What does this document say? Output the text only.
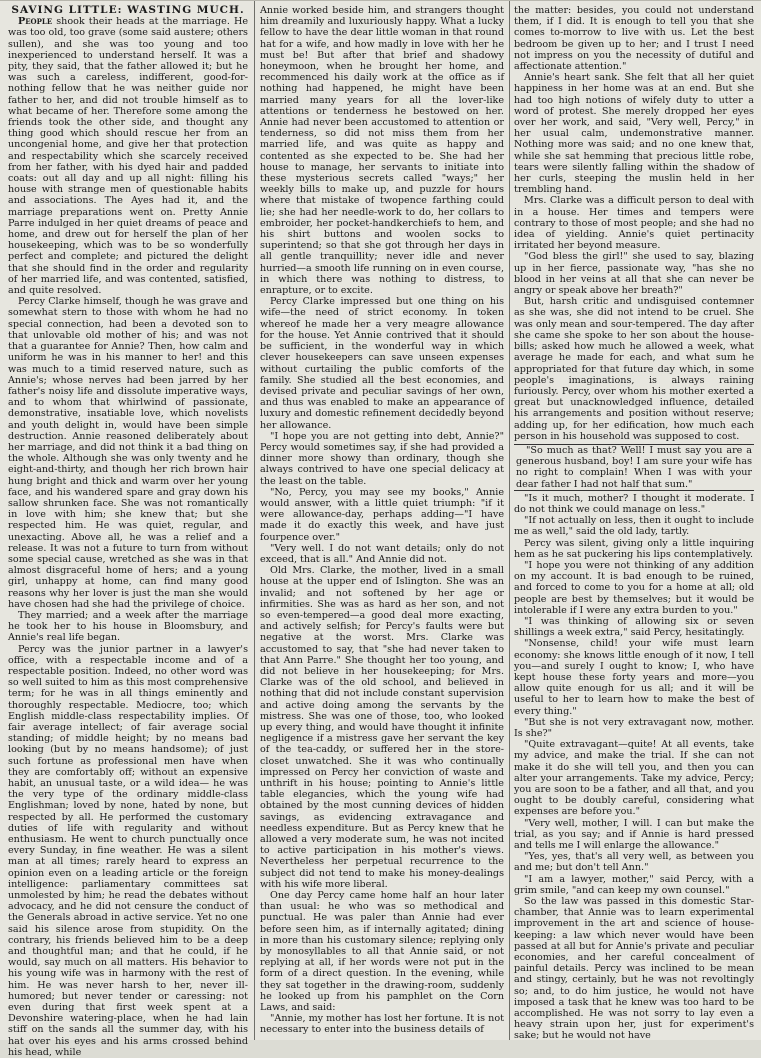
SAVING LITTLE: WASTING MUCH.

People shook their heads at the marriage. He was too old, too grave (some said austere; others sullen), and she was too young and too inexperienced to understand herself. It was a pity, they said, that the father allowed it; but he was such a careless, indifferent, good-for-nothing fellow that he was neither guide nor father to her, and did not trouble himself as to what became of her. Therefore some among the friends took the other side, and thought any thing good which should rescue her from an uncongenial home, and give her that protection and respectability which she scarcely received from her father, with his dyed hair and padded coats: out all day and up all night: filling his house with strange men of questionable habits and associations. The Ayes had it, and the marriage preparations went on. Pretty Annie Parre indulged in her quiet dreams of peace and home, and drew out for herself the plan of her housekeeping, which was to be so wonderfully perfect and complete; and pictured the delight that she should find in the order and regularity of her married life, and was contented, satisfied, and quite resolved.

Percy Clarke himself, though he was grave and somewhat stern to those with whom he had no special connection, had been a devoted son to that unlovable old mother of his; and was not that a guarantee for Annie? Then, how calm and uniform he was in his manner to her! and this was much to a timid reserved nature, such as Annie's; whose nerves had been jarred by her father's noisy life and dissolute imperative ways, and to whom that whirlwind of passionate, demonstrative, insatiable love, which novelists and youth delight in, would have been simple destruction. Annie reasoned deliberately about her marriage, and did not think it a bad thing on the whole. Although she was only twenty and he eight-and-thirty, and though her rich brown hair hung bright and thick and warm over her young face, and his wandered spare and gray down his sallow shrunken face. She was not romantically in love with him; she knew that; but she respected him. He was quiet, regular, and unexacting. Above all, he was a relief and a release. It was not a future to turn from without some special cause, wretched as she was in that almost disgraceful home of hers; and a young girl, unhappy at home, can find many good reasons why her lover is just the man she would have chosen had she had the privilege of choice.

They married; and a week after the marriage he took her to his house in Bloomsbury, and Annie's real life began.

Percy was the junior partner in a lawyer's office, with a respectable income and of a respectable position. Indeed, no other word was so well suited to him as this most comprehensive term; for he was in all things eminently and thoroughly respectable. Mediocre, too; which English middle-class respectability implies. Of fair average intellect; of fair average social standing; of middle height; by no means bad looking (but by no means handsome); of just such fortune as professional men have when they are comfortably off; without an expensive habit, an unusual taste, or a wild idea— he was the very type of the ordinary middle-class Englishman; loved by none, hated by none, but respected by all. He performed the customary duties of life with regularity and without enthusiasm. He went to church punctually once every Sunday, in fine weather. He was a silent man at all times; rarely heard to express an opinion even on a leading article or the foreign intelligence: parliamentary committees sat unmolested by him; he read the debates without advocacy, and he did not censure the conduct of the Generals abroad in active service. Yet no one said his silence arose from stupidity. On the contrary, his friends believed him to be a deep and thoughtful man; and that he could, if he would, say much on all matters. His behavior to his young wife was in harmony with the rest of him. He was never harsh to her, never ill-humored; but never tender or caressing: not even during that first week spent at a Devonshire watering-place, when he had lain stiff on the sands all the summer day, with his hat over his eyes and his arms crossed behind his head, while

Annie worked beside him, and strangers thought him dreamily and luxuriously happy. What a lucky fellow to have the dear little woman in that round hat for a wife, and how madly in love with her he must be! But after that brief and shadowy honeymoon, when he brought her home, and recommenced his daily work at the office as if nothing had happened, he might have been married many years for all the lover-like attentions or tenderness he bestowed on her. Annie had never been accustomed to attention or tenderness, so did not miss them from her married life, and was quite as happy and contented as she expected to be. She had her house to manage, her servants to initiate into these mysterious secrets called "ways;" her weekly bills to make up, and puzzle for hours where that mistake of twopence farthing could lie; she had her needle-work to do, her collars to embroider, her pocket-handkerchiefs to hem, and his shirt buttons and woolen socks to superintend; so that she got through her days in all gentle tranquillity; never idle and never hurried—a smooth life running on in even course, in which there was nothing to distress, to enrapture, or to excite.

Percy Clarke impressed but one thing on his wife—the need of strict economy. In token whereof he made her a very meagre allowance for the house. Yet Annie contrived that it should be sufficient, in the wonderful way in which clever housekeepers can save unseen expenses without curtailing the public comforts of the family. She studied all the best economies, and devised private and peculiar savings of her own, and thus was enabled to make an appearance of luxury and domestic refinement decidedly beyond her allowance.

"I hope you are not getting into debt, Annie?" Percy would sometimes say, if she had provided a dinner more showy than ordinary, though she always contrived to have one special delicacy at the least on the table.

"No, Percy, you may see my books," Annie would answer, with a little quiet triumph: "if it were allowance-day, perhaps adding—"I have made it do exactly this week, and have just fourpence over."

"Very well. I do not want details; only do not exceed, that is all." And Annie did not.

Old Mrs. Clarke, the mother, lived in a small house at the upper end of Islington. She was an invalid; and not softened by her age or infirmities. She was as hard as her son, and not so even-tempered—a good deal more exacting, and actively selfish; for Percy's faults were but negative at the worst. Mrs. Clarke was accustomed to say, that "she had never taken to that Ann Parre." She thought her too young, and did not believe in her housekeeping; for Mrs. Clarke was of the old school, and believed in nothing that did not include constant supervision and active doing among the servants by the mistress. She was one of those, too, who looked up every thing, and would have thought it infinite negligence if a mistress gave her servant the key of the tea-caddy, or suffered her in the store-closet unwatched. She it was who continually impressed on Percy her conviction of waste and unthrift in his house; pointing to Annie's little table elegancies, which the young wife had obtained by the most cunning devices of hidden savings, as evidencing extravagance and needless expenditure. But as Percy knew that he allowed a very moderate sum, he was not incited to active participation in his mother's views. Nevertheless her perpetual recurrence to the subject did not tend to make his money-dealings with his wife more liberal.

One day Percy came home half an hour later than usual: he who was so methodical and punctual. He was paler than Annie had ever before seen him, as if internally agitated; dining in more than his customary silence; replying only by monosyllables to all that Annie said, or not replying at all, if her words were not put in the form of a direct question. In the evening, while they sat together in the drawing-room, suddenly he looked up from his pamphlet on the Corn Laws, and said:

"Annie, my mother has lost her fortune. It is not necessary to enter into the business details of

the matter: besides, you could not understand them, if I did. It is enough to tell you that she comes to-morrow to live with us. Let the best bedroom be given up to her; and I trust I need not impress on you the necessity of dutiful and affectionate attention."

Annie's heart sank. She felt that all her quiet happiness in her home was at an end. But she had too high notions of wifely duty to utter a word of protest. She merely dropped her eyes over her work, and said, "Very well, Percy," in her usual calm, undemonstrative manner. Nothing more was said; and no one knew that, while she sat hemming that precious little robe, tears were silently falling within the shadow of her curls, steeping the muslin held in her trembling hand.

Mrs. Clarke was a difficult person to deal with in a house. Her times and tempers were contrary to those of most people; and she had no idea of yielding. Annie's quiet pertinacity irritated her beyond measure.

"God bless the girl!" she used to say, blazing up in her fierce, passionate way, "has she no blood in her veins at all that she can never be angry or speak above her breath?"

But, harsh critic and undisguised contemner as she was, she did not intend to be cruel. She was only mean and sour-tempered. The day after she came she spoke to her son about the house-bills; asked how much he allowed a week, what average he made for each, and what sum he appropriated for that future day which, in some people's imaginations, is always raining furiously. Percy, over whom his mother exerted a great but unacknowledged influence, detailed his arrangements and position without reserve; adding up, for her edification, how much each person in his household was supposed to cost.

"So much as that? Well! I must say you are a generous husband, boy! I am sure your wife has no right to complain! When I was with your dear father I had not half that sum."

"Is it much, mother? I thought it moderate. I do not think we could manage on less."

"If not actually on less, then it ought to include me as well," said the old lady, tartly.

Percy was silent, giving only a little inquiring hem as he sat puckering his lips contemplatively.

"I hope you were not thinking of any addition on my account. It is bad enough to be ruined, and forced to come to you for a home at all; old people are best by themselves; but it would be intolerable if I were any extra burden to you."

"I was thinking of allowing six or seven shillings a week extra," said Percy, hesitatingly.

"Nonsense, child! your wife must learn economy: she knows little enough of it now, I tell you—and surely I ought to know; I, who have kept house these forty years and more—you allow quite enough for us all; and it will be useful to her to learn how to make the best of every thing."

"But she is not very extravagant now, mother. Is she?"

"Quite extravagant—quite! At all events, take my advice, and make the trial. If she can not make it do she will tell you, and then you can alter your arrangements. Take my advice, Percy; you are soon to be a father, and all that, and you ought to be doubly careful, considering what expenses are before you."

"Very well, mother, I will. I can but make the trial, as you say; and if Annie is hard pressed and tells me I will enlarge the allowance."

"Yes, yes, that's all very well, as between you and me; but don't tell Ann."

"I am a lawyer, mother," said Percy, with a grim smile, "and can keep my own counsel."

So the law was passed in this domestic Star-chamber, that Annie was to learn experimental improvement in the art and science of house-keeping: a law which never would have been passed at all but for Annie's private and peculiar economies, and her careful concealment of painful details. Percy was inclined to be mean and stingy, certainly, but he was not revoltingly so; and, to do him justice, he would not have imposed a task that he knew was too hard to be accomplished. He was not sorry to lay even a heavy strain upon her, just for experiment's sake; but he would not have
